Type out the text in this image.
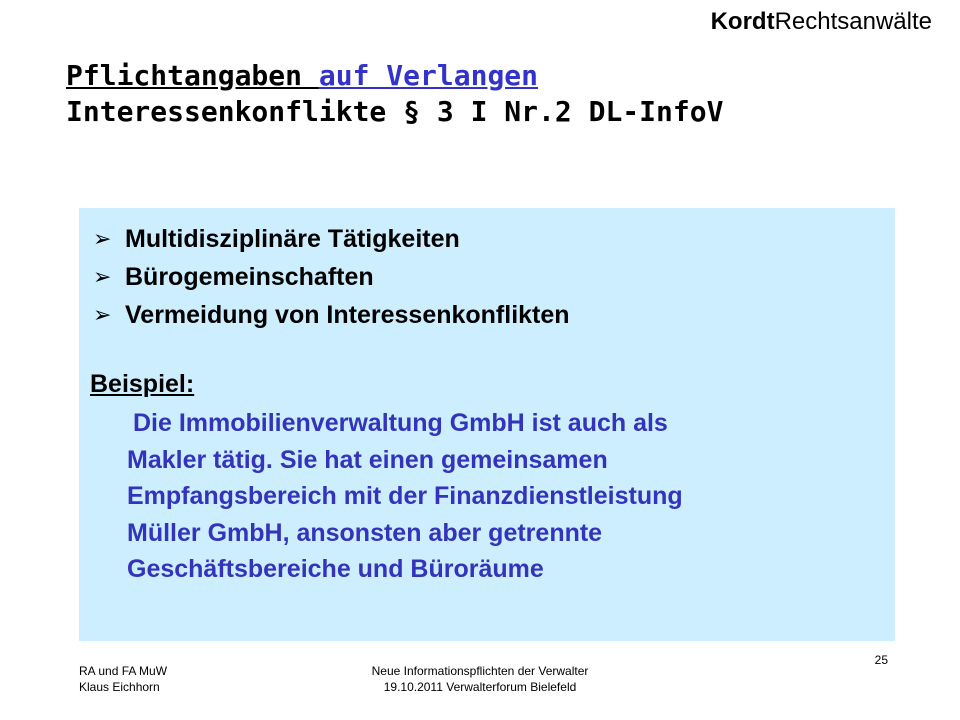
KordtRechtsanwälte
Pflichtangaben auf Verlangen
Interessenkonflikte § 3 I Nr.2 DL-InfoV
➢ Multidisziplinäre Tätigkeiten
➢ Bürogemeinschaften
➢ Vermeidung von Interessenkonflikten
Beispiel:
Die Immobilienverwaltung GmbH ist auch als
Makler tätig. Sie hat einen gemeinsamen
Empfangsbereich mit der Finanzdienstleistung
Müller GmbH, ansonsten aber getrennte
Geschäftsbereiche und Büroräume
RA und FA MuW
Klaus Eichhorn
Neue Informationspflichten der Verwalter
19.10.2011 Verwalterforum Bielefeld
25
